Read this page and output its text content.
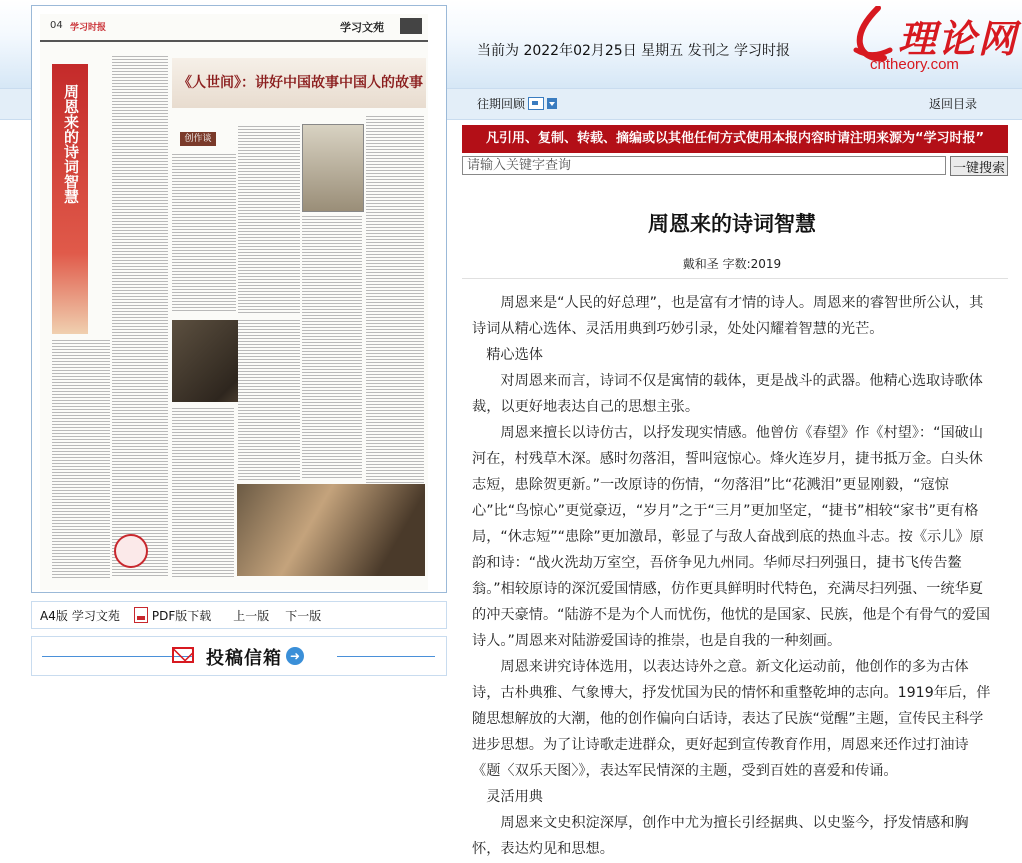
当前为 2022年02月25日 星期五 发刊之 学习时报	理论网
cntheory.com
往期回顾	返回目录
04 学习时报	学习文苑
周恩来的诗词智慧
《人世间》：讲好中国故事中国人的故事
创作谈
A4版 学习文苑	PDF版下载 上一版 下一版
投稿信箱 ➜
凡引用、复制、转载、摘编或以其他任何方式使用本报内容时请注明来源为“学习时报”
请输入关键字查询
一键搜索
周恩来的诗词智慧
戴和圣 字数:2019

周恩来是“人民的好总理”，也是富有才情的诗人。周恩来的睿智世所公认，其诗词从精心选体、灵活用典到巧妙引录，处处闪耀着智慧的光芒。

精心选体

对周恩来而言，诗词不仅是寓情的载体，更是战斗的武器。他精心选取诗歌体裁，以更好地表达自己的思想主张。

周恩来擅长以诗仿古，以抒发现实情感。他曾仿《春望》作《村望》：“国破山河在，村残草木深。感时勿落泪，誓叫寇惊心。烽火连岁月，捷书抵万金。白头休志短，患除贺更新。”一改原诗的伤情，“勿落泪”比“花溅泪”更显刚毅，“寇惊心”比“鸟惊心”更觉豪迈，“岁月”之于“三月”更加坚定，“捷书”相较“家书”更有格局，“休志短”“患除”更加激昂，彰显了与敌人奋战到底的热血斗志。按《示儿》原韵和诗：“战火洗劫万室空，吾侪争见九州同。华师尽扫列强日，捷书飞传告鳌翁。”相较原诗的深沉爱国情感，仿作更具鲜明时代特色，充满尽扫列强、一统华夏的冲天豪情。“陆游不是为个人而忧伤，他忧的是国家、民族，他是个有骨气的爱国诗人。”周恩来对陆游爱国诗的推崇，也是自我的一种刻画。

周恩来讲究诗体选用，以表达诗外之意。新文化运动前，他创作的多为古体诗，古朴典雅、气象博大，抒发忧国为民的情怀和重整乾坤的志向。1919年后，伴随思想解放的大潮，他的创作偏向白话诗，表达了民族“觉醒”主题，宣传民主科学进步思想。为了让诗歌走进群众，更好起到宣传教育作用，周恩来还作过打油诗《题〈双乐天图〉》，表达军民情深的主题，受到百姓的喜爱和传诵。

灵活用典

周恩来文史积淀深厚，创作中尤为擅长引经据典、以史鉴今，抒发情感和胸怀，表达灼见和思想。
